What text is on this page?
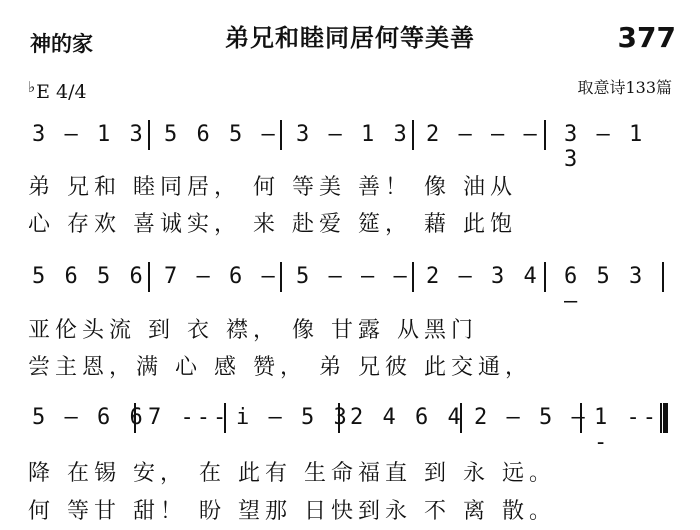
神的家	弟兄和睦同居何等美善	377
♭E 4/4	取意诗133篇
3 — 1 3 5 6 5 — 3 — 1 3 2 — — — 3 — 1 3
弟 兄和 睦同居， 何 等美 善！ 像 油从
心 存欢 喜诚实， 来 赴爱 筵， 藉 此饱
5 6 5 6 7 — 6 — 5 — — — 2 — 3 4 6 5 3 —
亚伦头流 到 衣 襟， 像 甘露 从黑门
尝主恩，满 心 感 赞， 弟 兄彼 此交通，
5 — 6 6 7 --- i — 5 3 2 4 6 4 2 — 5 — 1 ---
降 在锡 安， 在 此有 生命福直 到 永 远。
何 等甘 甜！ 盼 望那 日快到永 不 离 散。
